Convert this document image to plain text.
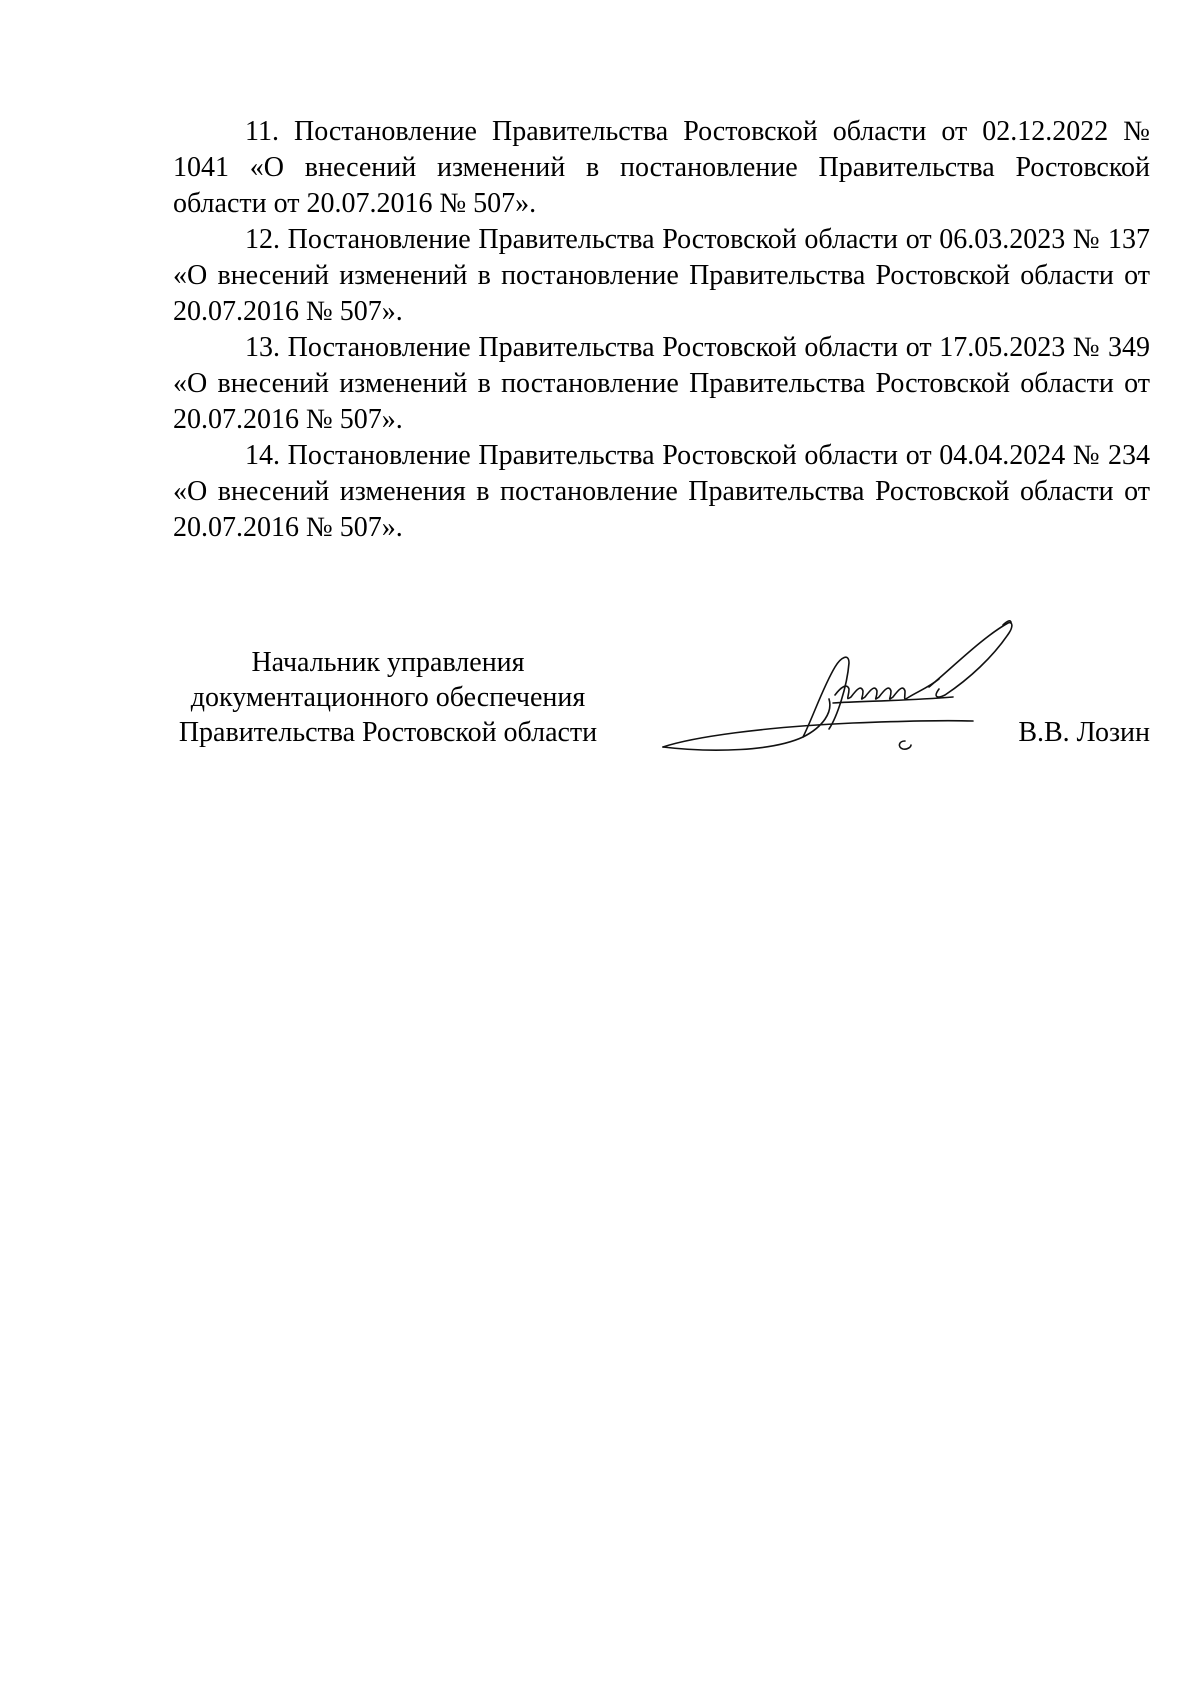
11. Постановление Правительства Ростовской области от 02.12.2022 № 1041 «О внесений изменений в постановление Правительства Ростовской области от 20.07.2016 № 507».

12. Постановление Правительства Ростовской области от 06.03.2023 № 137 «О внесений изменений в постановление Правительства Ростовской области от 20.07.2016 № 507».

13. Постановление Правительства Ростовской области от 17.05.2023 № 349 «О внесений изменений в постановление Правительства Ростовской области от 20.07.2016 № 507».

14. Постановление Правительства Ростовской области от 04.04.2024 № 234 «О внесений изменения в постановление Правительства Ростовской области от 20.07.2016 № 507».

Начальник управления
документационного обеспечения
Правительства Ростовской области	В.В. Лозин
